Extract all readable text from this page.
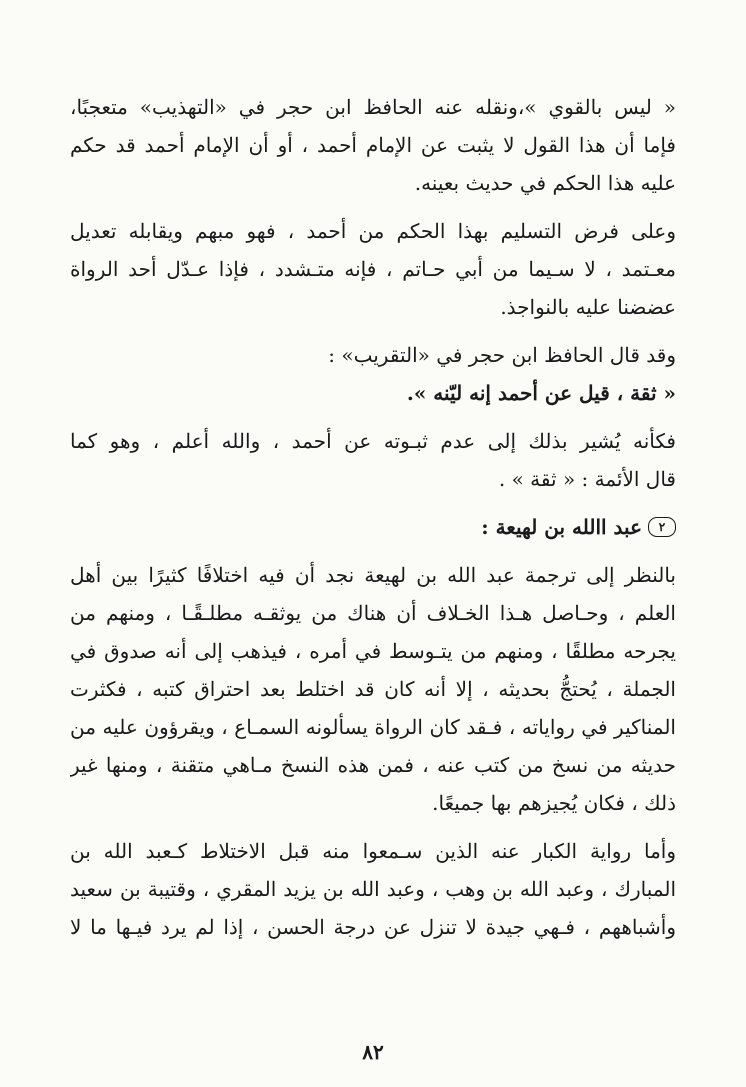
« ليس بالقوي »،ونقله عنه الحافظ ابن حجر في «التهذيب» متعجبًا،
فإما أن هذا القول لا يثبت عن الإمام أحمد ، أو أن الإمام أحمد قد حكم
عليه هذا الحكم في حديث بعينه.
وعلى فرض التسليم بهذا الحكم من أحمد ، فهو مبهم ويقابله تعديل
معـتمد ، لا سـيما من أبي حـاتم ، فإنه متـشدد ، فإذا عـدّل أحد الرواة
عضضنا عليه بالنواجذ.
وقد قال الحافظ ابن حجر في «التقريب» :
« ثقة ، قيل عن أحمد إنه ليّنه ».
فكأنه يُشير بذلك إلى عدم ثبـوته عن أحمد ، والله أعلم ، وهو كما
قال الأئمة : « ثقة » .
٢
عبد االله بن لهيعة :
بالنظر إلى ترجمة عبد الله بن لهيعة نجد أن فيه اختلافًا كثيرًا بين أهل
العلم ، وحـاصل هـذا الخـلاف أن هناك من يوثقـه مطلـقًـا ، ومنهم من
يجرحه مطلقًا ، ومنهم من يتـوسط في أمره ، فيذهب إلى أنه صدوق في
الجملة ، يُحتجُّ بحديثه ، إلا أنه كان قد اختلط بعد احتراق كتبه ، فكثرت
المناكير في رواياته ، فـقد كان الرواة يسألونه السمـاع ، ويقرؤون عليه من
حديثه من نسخ من كتب عنه ، فمن هذه النسخ مـاهي متقنة ، ومنها غير
ذلك ، فكان يُجيزهم بها جميعًا.
وأما رواية الكبار عنه الذين سـمعوا منه قبل الاختلاط كـعبد الله بن
المبارك ، وعبد الله بن وهب ، وعبد الله بن يزيد المقري ، وقتيبة بن سعيد
وأشباههم ، فـهي جيدة لا تنزل عن درجة الحسن ، إذا لم يرد فيـها ما لا
٨٢
